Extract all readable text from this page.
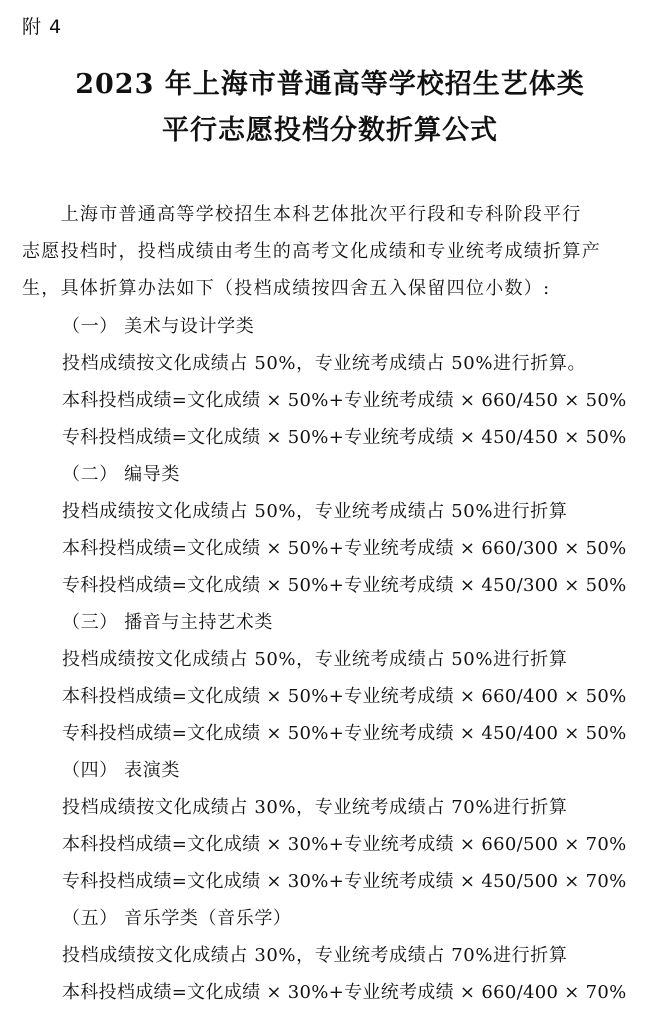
附 4
2023 年上海市普通高等学校招生艺体类
平行志愿投档分数折算公式

　　上海市普通高等学校招生本科艺体批次平行段和专科阶段平行

志愿投档时，投档成绩由考生的高考文化成绩和专业统考成绩折算产

生，具体折算办法如下（投档成绩按四舍五入保留四位小数）:

（一） 美术与设计学类
投档成绩按文化成绩占 50%，专业统考成绩占 50%进行折算。
本科投档成绩=文化成绩 × 50%+专业统考成绩 × 660/450 × 50%
专科投档成绩=文化成绩 × 50%+专业统考成绩 × 450/450 × 50%
（二） 编导类
投档成绩按文化成绩占 50%，专业统考成绩占 50%进行折算
本科投档成绩=文化成绩 × 50%+专业统考成绩 × 660/300 × 50%
专科投档成绩=文化成绩 × 50%+专业统考成绩 × 450/300 × 50%
（三） 播音与主持艺术类
投档成绩按文化成绩占 50%，专业统考成绩占 50%进行折算
本科投档成绩=文化成绩 × 50%+专业统考成绩 × 660/400 × 50%
专科投档成绩=文化成绩 × 50%+专业统考成绩 × 450/400 × 50%
（四） 表演类
投档成绩按文化成绩占 30%，专业统考成绩占 70%进行折算
本科投档成绩=文化成绩 × 30%+专业统考成绩 × 660/500 × 70%
专科投档成绩=文化成绩 × 30%+专业统考成绩 × 450/500 × 70%
（五） 音乐学类（音乐学）
投档成绩按文化成绩占 30%，专业统考成绩占 70%进行折算
本科投档成绩=文化成绩 × 30%+专业统考成绩 × 660/400 × 70%
